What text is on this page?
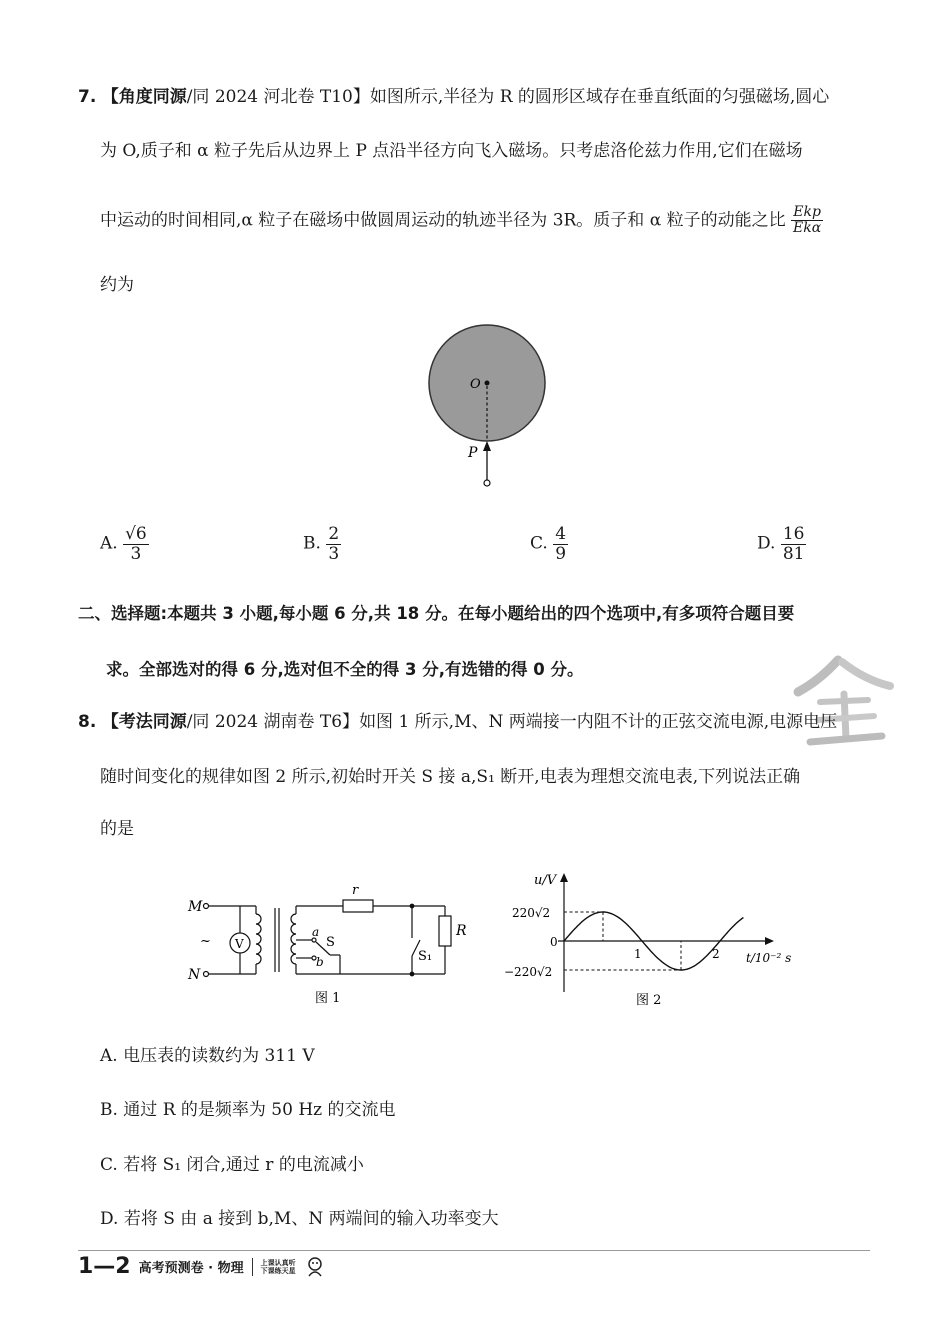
7. 【角度同源/同 2024 河北卷 T10】如图所示,半径为 R 的圆形区域存在垂直纸面的匀强磁场,圆心
为 O,质子和 α 粒子先后从边界上 P 点沿半径方向飞入磁场。只考虑洛伦兹力作用,它们在磁场
中运动的时间相同,α 粒子在磁场中做圆周运动的轨迹半径为 3R。质子和 α 粒子的动能之比 $\frac{\text{Ekp}}{\text{Ekα}}$
约为
O
P
A. $\frac{√6}{3}$	B. $\frac{2}{3}$	C. $\frac{4}{9}$	D. $\frac{16}{81}$
二、选择题:本题共 3 小题,每小题 6 分,共 18 分。在每小题给出的四个选项中,有多项符合题目要
求。全部选对的得 6 分,选对但不全的得 3 分,有选错的得 0 分。
8. 【考法同源/同 2024 湖南卷 T6】如图 1 所示,M、N 两端接一内阻不计的正弦交流电源,电源电压
随时间变化的规律如图 2 所示,初始时开关 S 接 a,S₁ 断开,电表为理想交流电表,下列说法正确
的是
M
N
~ V
r
R
a
b
S
S₁
图 1
u/V
220√2
0
−220√2
1	2 t/10⁻² s
图 2
A. 电压表的读数约为 311 V
B. 通过 R 的是频率为 50 Hz 的交流电
C. 若将 S₁ 闭合,通过 r 的电流减小
D. 若将 S 由 a 接到 b,M、N 两端间的输入功率变大
1—2 高考预测卷 · 物理 上课认真听
下课练天星
